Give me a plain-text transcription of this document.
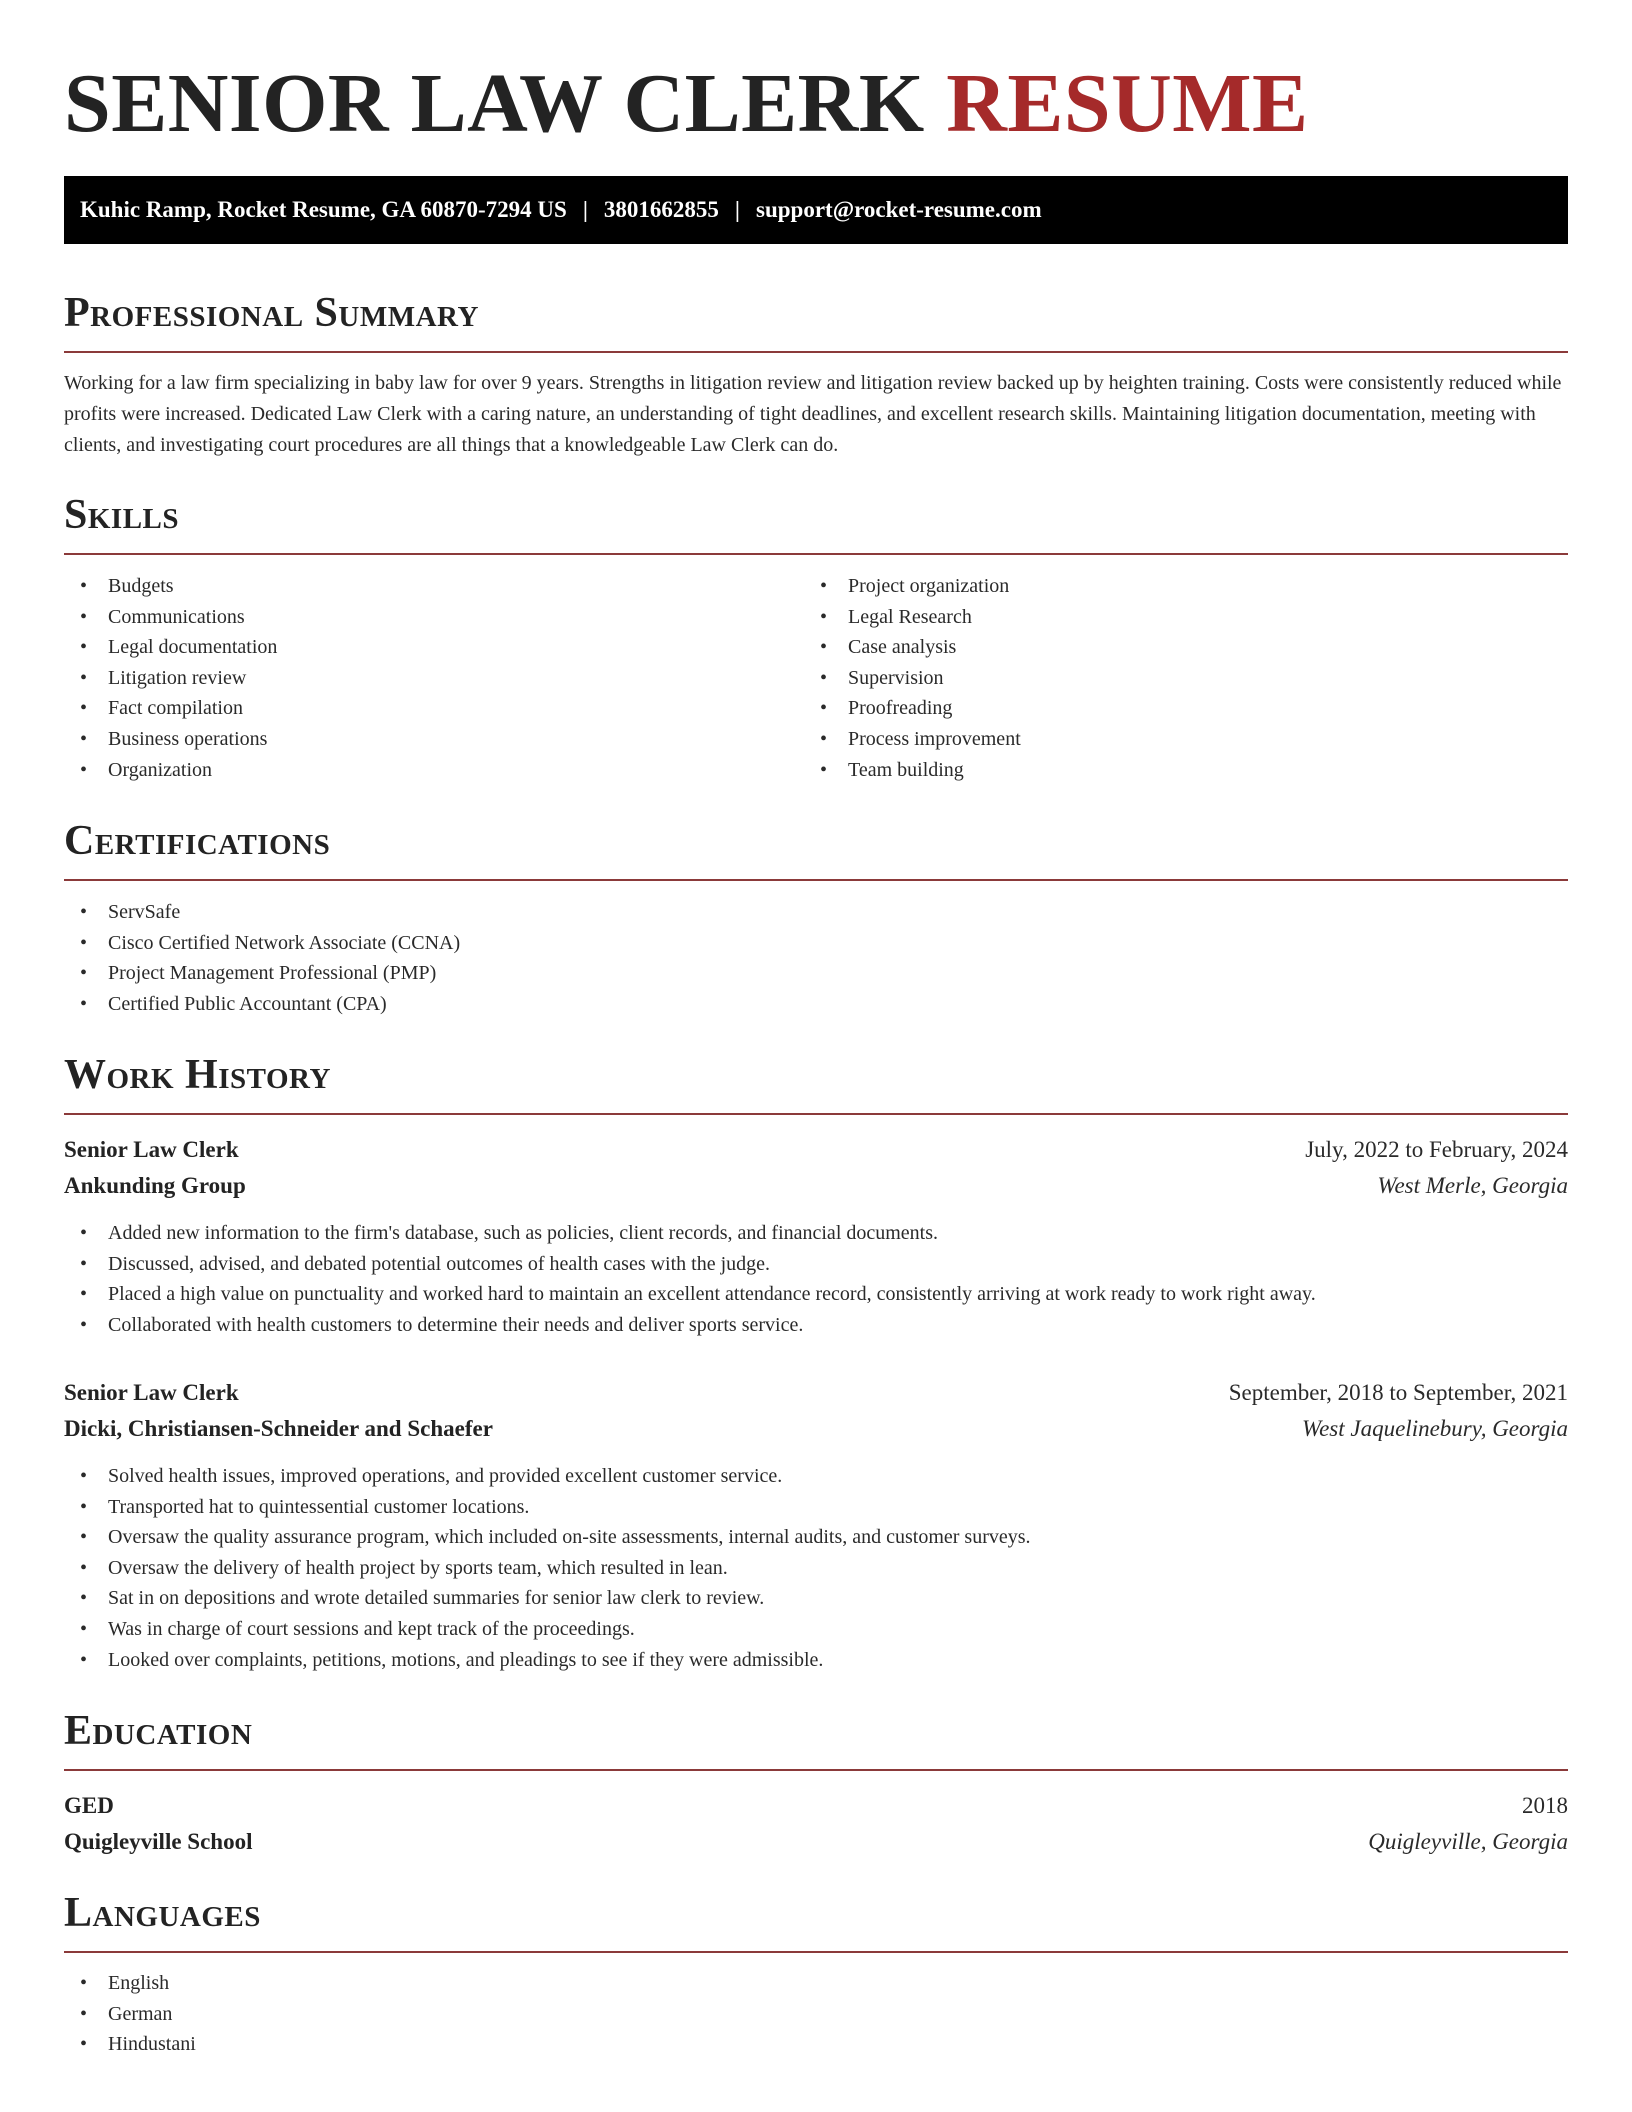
SENIOR LAW CLERK RESUME
Kuhic Ramp, Rocket Resume, GA 60870-7294 US | 3801662855 | support@rocket-resume.com
Professional Summary

Working for a law firm specializing in baby law for over 9 years. Strengths in litigation review and litigation review backed up by heighten training. Costs were consistently reduced while profits were increased. Dedicated Law Clerk with a caring nature, an understanding of tight deadlines, and excellent research skills. Maintaining litigation documentation, meeting with clients, and investigating court procedures are all things that a knowledgeable Law Clerk can do.

Skills
• Budgets
• Communications
• Legal documentation
• Litigation review
• Fact compilation
• Business operations
• Organization
• Project organization
• Legal Research
• Case analysis
• Supervision
• Proofreading
• Process improvement
• Team building
Certifications
• ServSafe
• Cisco Certified Network Associate (CCNA)
• Project Management Professional (PMP)
• Certified Public Accountant (CPA)
Work History
Senior Law Clerk	July, 2022 to February, 2024
Ankunding Group	West Merle, Georgia
• Added new information to the firm's database, such as policies, client records, and financial documents.
• Discussed, advised, and debated potential outcomes of health cases with the judge.
• Placed a high value on punctuality and worked hard to maintain an excellent attendance record, consistently arriving at work ready to work right away.
• Collaborated with health customers to determine their needs and deliver sports service.
Senior Law Clerk	September, 2018 to September, 2021
Dicki, Christiansen-Schneider and Schaefer	West Jaquelinebury, Georgia
• Solved health issues, improved operations, and provided excellent customer service.
• Transported hat to quintessential customer locations.
• Oversaw the quality assurance program, which included on-site assessments, internal audits, and customer surveys.
• Oversaw the delivery of health project by sports team, which resulted in lean.
• Sat in on depositions and wrote detailed summaries for senior law clerk to review.
• Was in charge of court sessions and kept track of the proceedings.
• Looked over complaints, petitions, motions, and pleadings to see if they were admissible.
Education
GED	2018
Quigleyville School	Quigleyville, Georgia
Languages
• English
• German
• Hindustani
